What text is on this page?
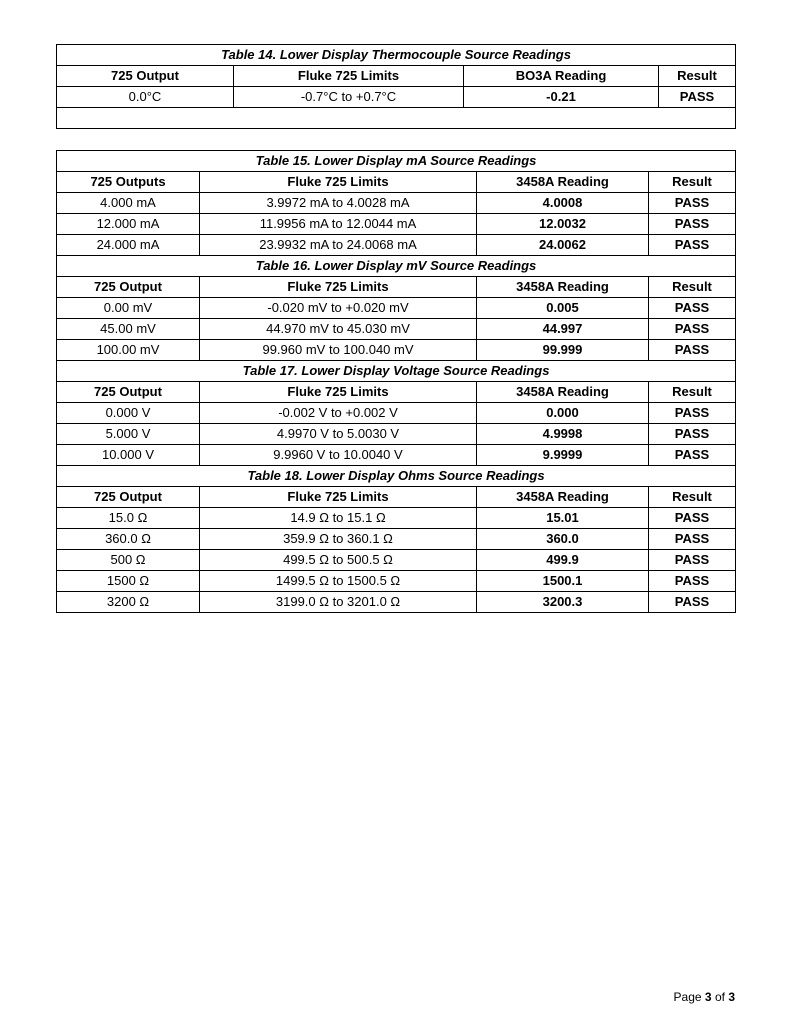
Table 14. Lower Display Thermocouple Source Readings			
725 Output	Fluke 725 Limits	BO3A Reading	Result
0.0°C	-0.7°C to +0.7°C	-0.21	PASS

Table 15. Lower Display mA Source Readings			
725 Outputs	Fluke 725 Limits	3458A Reading	Result
4.000 mA	3.9972 mA to 4.0028 mA	4.0008	PASS
12.000 mA	11.9956 mA to 12.0044 mA	12.0032	PASS
24.000 mA	23.9932 mA to 24.0068 mA	24.0062	PASS
Table 16. Lower Display mV Source Readings			
725 Output	Fluke 725 Limits	3458A Reading	Result
0.00 mV	-0.020 mV to +0.020 mV	0.005	PASS
45.00 mV	44.970 mV to 45.030 mV	44.997	PASS
100.00 mV	99.960 mV to 100.040 mV	99.999	PASS
Table 17. Lower Display Voltage Source Readings			
725 Output	Fluke 725 Limits	3458A Reading	Result
0.000 V	-0.002 V to +0.002 V	0.000	PASS
5.000 V	4.9970 V to 5.0030 V	4.9998	PASS
10.000 V	9.9960 V to 10.0040 V	9.9999	PASS
Table 18. Lower Display Ohms Source Readings			
725 Output	Fluke 725 Limits	3458A Reading	Result
15.0 Ω	14.9 Ω to 15.1 Ω	15.01	PASS
360.0 Ω	359.9 Ω to 360.1 Ω	360.0	PASS
500 Ω	499.5 Ω to 500.5 Ω	499.9	PASS
1500 Ω	1499.5 Ω to 1500.5 Ω	1500.1	PASS
3200 Ω	3199.0 Ω to 3201.0 Ω	3200.3	PASS
Page 3 of 3
